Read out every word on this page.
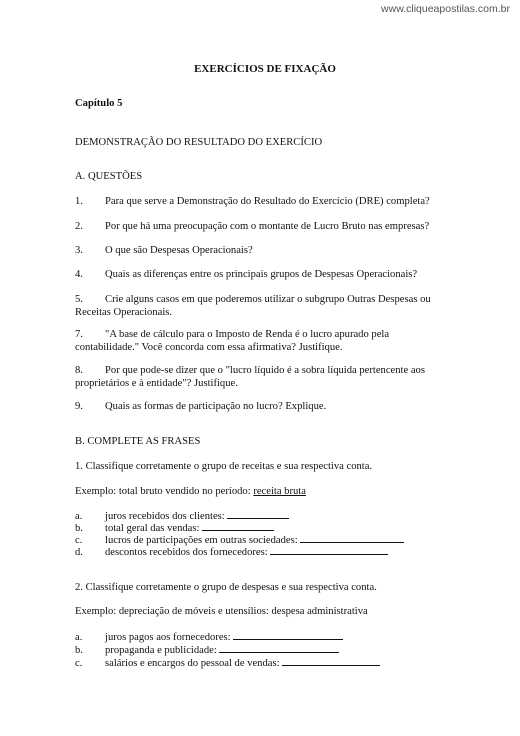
www.cliqueapostilas.com.br
EXERCÍCIOS DE FIXAÇÃO
Capítulo 5
DEMONSTRAÇÃO DO RESULTADO DO EXERCÍCIO
A. QUESTÕES
1. Para que serve a Demonstração do Resultado do Exercício (DRE) completa?
2. Por que há uma preocupação com o montante de Lucro Bruto nas empresas?
3. O que são Despesas Operacionais?
4. Quais as diferenças entre os principais grupos de Despesas Operacionais?
5. Crie alguns casos em que poderemos utilizar o subgrupo Outras Despesas ou Receitas Operacionais.
7. "A base de cálculo para o Imposto de Renda é o lucro apurado pela contabilidade." Você concorda com essa afirmativa? Justifique.
8. Por que pode-se dizer que o "lucro líquido é a sobra líquida pertencente aos proprietários e à entidade"? Justifique.
9. Quais as formas de participação no lucro? Explique.
B. COMPLETE AS FRASES
1. Classifique corretamente o grupo de receitas e sua respectiva conta.
Exemplo: total bruto vendido no período: receita bruta
a. juros recebidos dos clientes:
b. total geral das vendas:
c. lucros de participações em outras sociedades:
d. descontos recebidos dos fornecedores:
2. Classifique corretamente o grupo de despesas e sua respectiva conta.
Exemplo: depreciação de móveis e utensílios: despesa administrativa
a. juros pagos aos fornecedores:
b. propaganda e publicidade:
c. salários e encargos do pessoal de vendas:
